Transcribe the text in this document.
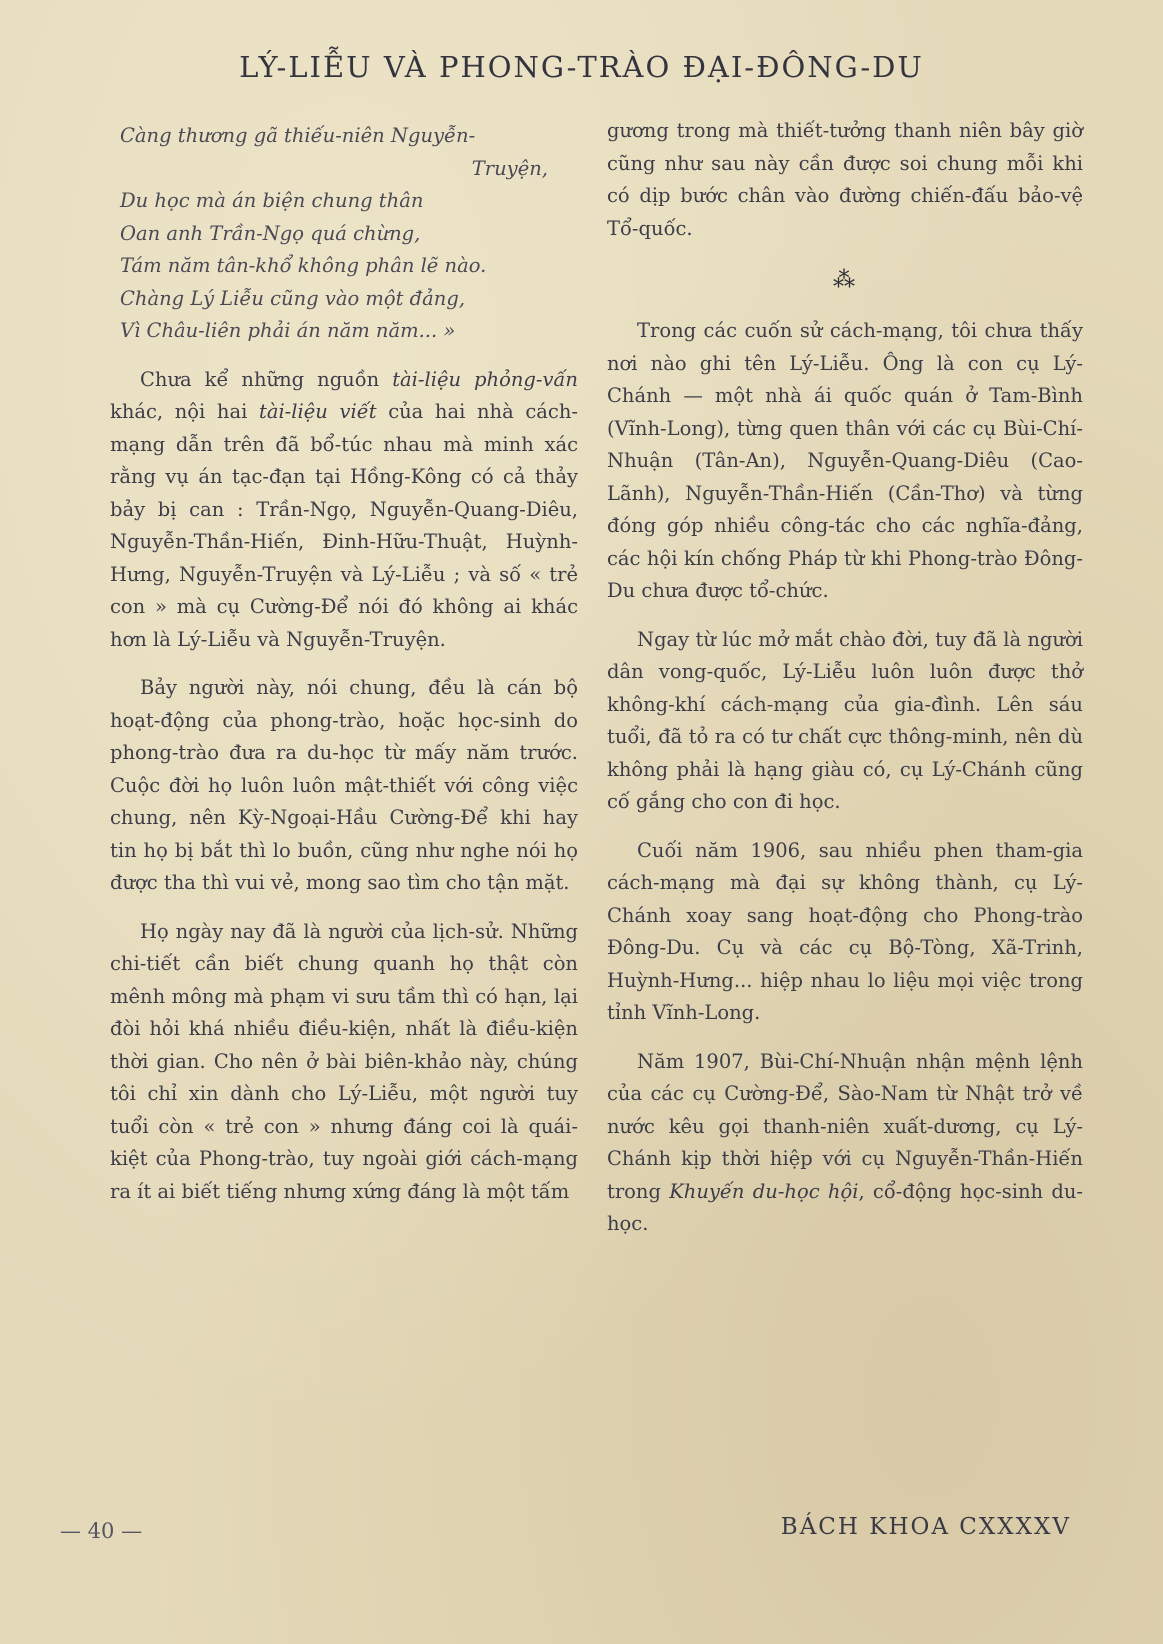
LÝ-LIỄU VÀ PHONG-TRÀO ĐẠI-ĐÔNG-DU
Càng thương gã thiếu-niên Nguyễn-
Truyện,
Du học mà án biện chung thân
Oan anh Trần-Ngọ quá chừng,
Tám năm tân-khổ không phân lẽ nào.
Chàng Lý Liễu cũng vào một đảng,
Vì Châu-liên phải án năm năm... »

Chưa kể những nguồn tài-liệu phỏng-vấn khác, nội hai tài-liệu viết của hai nhà cách-mạng dẫn trên đã bổ-túc nhau mà minh xác rằng vụ án tạc-đạn tại Hồng-Kông có cả thảy bảy bị can : Trần-Ngọ, Nguyễn-Quang-Diêu, Nguyễn-Thần-Hiến, Đinh-Hữu-Thuật, Huỳnh-Hưng, Nguyễn-Truyện và Lý-Liễu ; và số « trẻ con » mà cụ Cường-Để nói đó không ai khác hơn là Lý-Liễu và Nguyễn-Truyện.

Bảy người này, nói chung, đều là cán bộ hoạt-động của phong-trào, hoặc học-sinh do phong-trào đưa ra du-học từ mấy năm trước. Cuộc đời họ luôn luôn mật-thiết với công việc chung, nên Kỳ-Ngoại-Hầu Cường-Để khi hay tin họ bị bắt thì lo buồn, cũng như nghe nói họ được tha thì vui vẻ, mong sao tìm cho tận mặt.

Họ ngày nay đã là người của lịch-sử. Những chi-tiết cần biết chung quanh họ thật còn mênh mông mà phạm vi sưu tầm thì có hạn, lại đòi hỏi khá nhiều điều-kiện, nhất là điều-kiện thời gian. Cho nên ở bài biên-khảo này, chúng tôi chỉ xin dành cho Lý-Liễu, một người tuy tuổi còn « trẻ con » nhưng đáng coi là quái-kiệt của Phong-trào, tuy ngoài giới cách-mạng ra ít ai biết tiếng nhưng xứng đáng là một tấm

gương trong mà thiết-tưởng thanh niên bây giờ cũng như sau này cần được soi chung mỗi khi có dịp bước chân vào đường chiến-đấu bảo-vệ Tổ-quốc.

⁂

Trong các cuốn sử cách-mạng, tôi chưa thấy nơi nào ghi tên Lý-Liễu. Ông là con cụ Lý-Chánh — một nhà ái quốc quán ở Tam-Bình (Vĩnh-Long), từng quen thân với các cụ Bùi-Chí-Nhuận (Tân-An), Nguyễn-Quang-Diêu (Cao-Lãnh), Nguyễn-Thần-Hiến (Cần-Thơ) và từng đóng góp nhiều công-tác cho các nghĩa-đảng, các hội kín chống Pháp từ khi Phong-trào Đông-Du chưa được tổ-chức.

Ngay từ lúc mở mắt chào đời, tuy đã là người dân vong-quốc, Lý-Liễu luôn luôn được thở không-khí cách-mạng của gia-đình. Lên sáu tuổi, đã tỏ ra có tư chất cực thông-minh, nên dù không phải là hạng giàu có, cụ Lý-Chánh cũng cố gắng cho con đi học.

Cuối năm 1906, sau nhiều phen tham-gia cách-mạng mà đại sự không thành, cụ Lý-Chánh xoay sang hoạt-động cho Phong-trào Đông-Du. Cụ và các cụ Bộ-Tòng, Xã-Trinh, Huỳnh-Hưng... hiệp nhau lo liệu mọi việc trong tỉnh Vĩnh-Long.

Năm 1907, Bùi-Chí-Nhuận nhận mệnh lệnh của các cụ Cường-Để, Sào-Nam từ Nhật trở về nước kêu gọi thanh-niên xuất-dương, cụ Lý-Chánh kịp thời hiệp với cụ Nguyễn-Thần-Hiến trong Khuyến du-học hội, cổ-động học-sinh du-học.

— 40 —	BÁCH KHOA CXXXXV
